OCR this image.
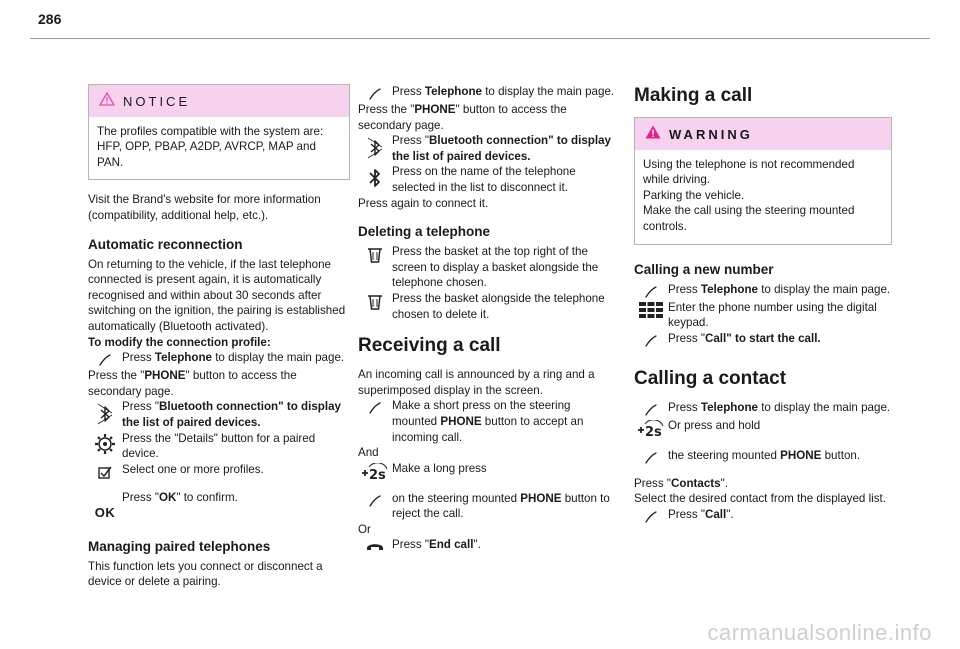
286
NOTICE

The profiles compatible with the system are: HFP, OPP, PBAP, A2DP, AVRCP, MAP and PAN.

Visit the Brand's website for more information (compatibility, additional help, etc.).

Automatic reconnection

On returning to the vehicle, if the last telephone connected is present again, it is automatically recognised and within about 30 seconds after switching on the ignition, the pairing is established automatically (Bluetooth activated).

To modify the connection profile:

Press Telephone to display the main page.

Press the "PHONE" button to access the secondary page.

Press "Bluetooth connection" to display the list of paired devices.
Press the "Details" button for a paired device.
Select one or more profiles.
OK
Press "OK" to confirm.
Managing paired telephones

This function lets you connect or disconnect a device or delete a pairing.

Press Telephone to display the main page.

Press the "PHONE" button to access the secondary page.

Press "Bluetooth connection" to display the list of paired devices.
Press on the name of the telephone selected in the list to disconnect it.

Press again to connect it.

Deleting a telephone
Press the basket at the top right of the screen to display a basket alongside the telephone chosen.
Press the basket alongside the telephone chosen to delete it.
Receiving a call

An incoming call is announced by a ring and a superimposed display in the screen.

Make a short press on the steering mounted PHONE button to accept an incoming call.

And

2s Make a long press
on the steering mounted PHONE button to reject the call.

Or

Press "End call".
Making a call
WARNING

Using the telephone is not recommended while driving.

Parking the vehicle.

Make the call using the steering mounted controls.

Calling a new number
Press Telephone to display the main page.
Enter the phone number using the digital keypad.
Press "Call" to start the call.
Calling a contact
Press Telephone to display the main page.
2s Or press and hold
the steering mounted PHONE button.

Press "Contacts".

Select the desired contact from the displayed list.

Press "Call".
carmanualsonline.info
